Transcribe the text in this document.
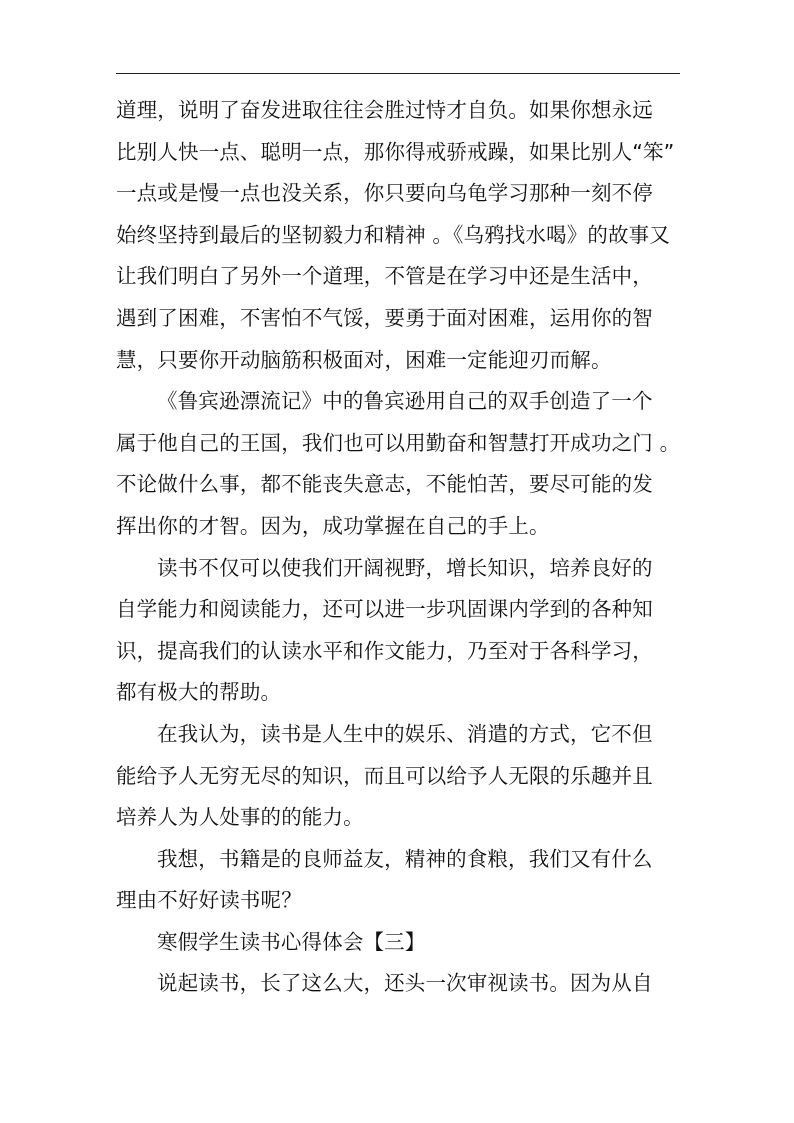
道理，说明了奋发进取往往会胜过恃才自负。如果你想永远
比别人快一点、聪明一点，那你得戒骄戒躁，如果比别人“笨”
一点或是慢一点也没关系，你只要向乌龟学习那种一刻不停
始终坚持到最后的坚韧毅力和精神 。《乌鸦找水喝》的故事又
让我们明白了另外一个道理，不管是在学习中还是生活中，
遇到了困难，不害怕不气馁，要勇于面对困难，运用你的智
慧，只要你开动脑筋积极面对，困难一定能迎刃而解。
《鲁宾逊漂流记》中的鲁宾逊用自己的双手创造了一个
属于他自己的王国，我们也可以用勤奋和智慧打开成功之门 。
不论做什么事，都不能丧失意志，不能怕苦，要尽可能的发
挥出你的才智。因为，成功掌握在自己的手上。
读书不仅可以使我们开阔视野，增长知识，培养良好的
自学能力和阅读能力，还可以进一步巩固课内学到的各种知
识，提高我们的认读水平和作文能力，乃至对于各科学习，
都有极大的帮助。
在我认为，读书是人生中的娱乐、消遣的方式，它不但
能给予人无穷无尽的知识，而且可以给予人无限的乐趣并且
培养人为人处事的的能力。
我想，书籍是的良师益友，精神的食粮，我们又有什么
理由不好好读书呢？
寒假学生读书心得体会【三】
说起读书，长了这么大，还头一次审视读书。因为从自
